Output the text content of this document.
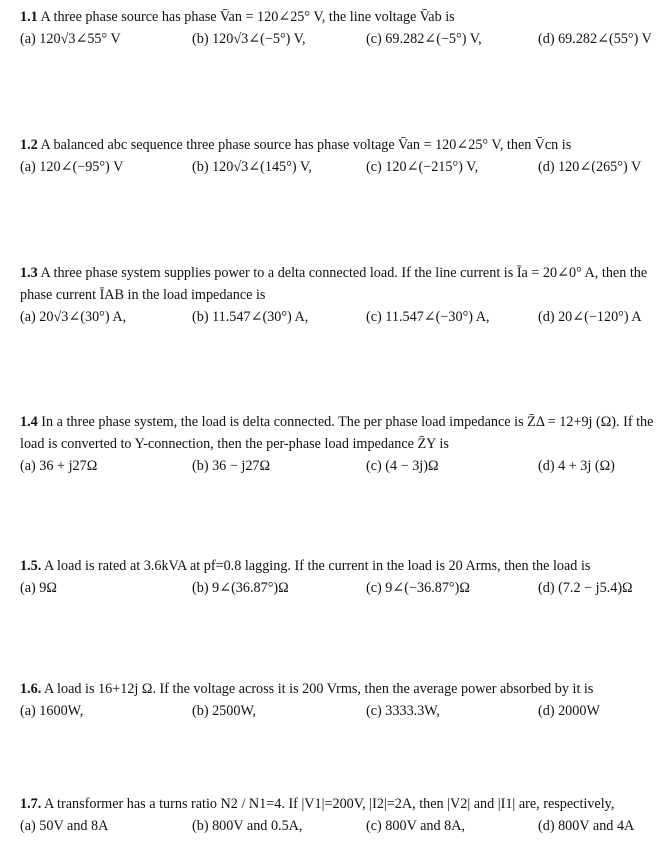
1.1 A three phase source has phase V̄an = 120∠25° V, the line voltage V̄ab is
(a) 120√3∠55° V	(b) 120√3∠(−5°) V,	(c) 69.282∠(−5°) V,	(d) 69.282∠(55°) V
1.2 A balanced abc sequence three phase source has phase voltage V̄an = 120∠25° V, then V̄cn is
(a) 120∠(−95°) V	(b) 120√3∠(145°) V,	(c) 120∠(−215°) V,	(d) 120∠(265°) V
1.3 A three phase system supplies power to a delta connected load. If the line current is Īa = 20∠0° A, then the phase current ĪAB in the load impedance is
(a) 20√3∠(30°) A,	(b) 11.547∠(30°) A,	(c) 11.547∠(−30°) A,	(d) 20∠(−120°) A
1.4 In a three phase system, the load is delta connected. The per phase load impedance is Z̄Δ = 12+9j (Ω). If the load is converted to Y-connection, then the per-phase load impedance Z̄Y is
(a) 36 + j27Ω	(b) 36 − j27Ω	(c) (4 − 3j)Ω	(d) 4 + 3j (Ω)
1.5. A load is rated at 3.6kVA at pf=0.8 lagging. If the current in the load is 20 Arms, then the load is
(a) 9Ω	(b) 9∠(36.87°)Ω	(c) 9∠(−36.87°)Ω	(d) (7.2 − j5.4)Ω
1.6. A load is 16+12j Ω. If the voltage across it is 200 Vrms, then the average power absorbed by it is
(a) 1600W,	(b) 2500W,	(c) 3333.3W,	(d) 2000W
1.7. A transformer has a turns ratio N2 / N1=4. If |V1|=200V, |I2|=2A, then |V2| and |I1| are, respectively,
(a) 50V and 8A	(b) 800V and 0.5A,	(c) 800V and 8A,	(d) 800V and 4A
